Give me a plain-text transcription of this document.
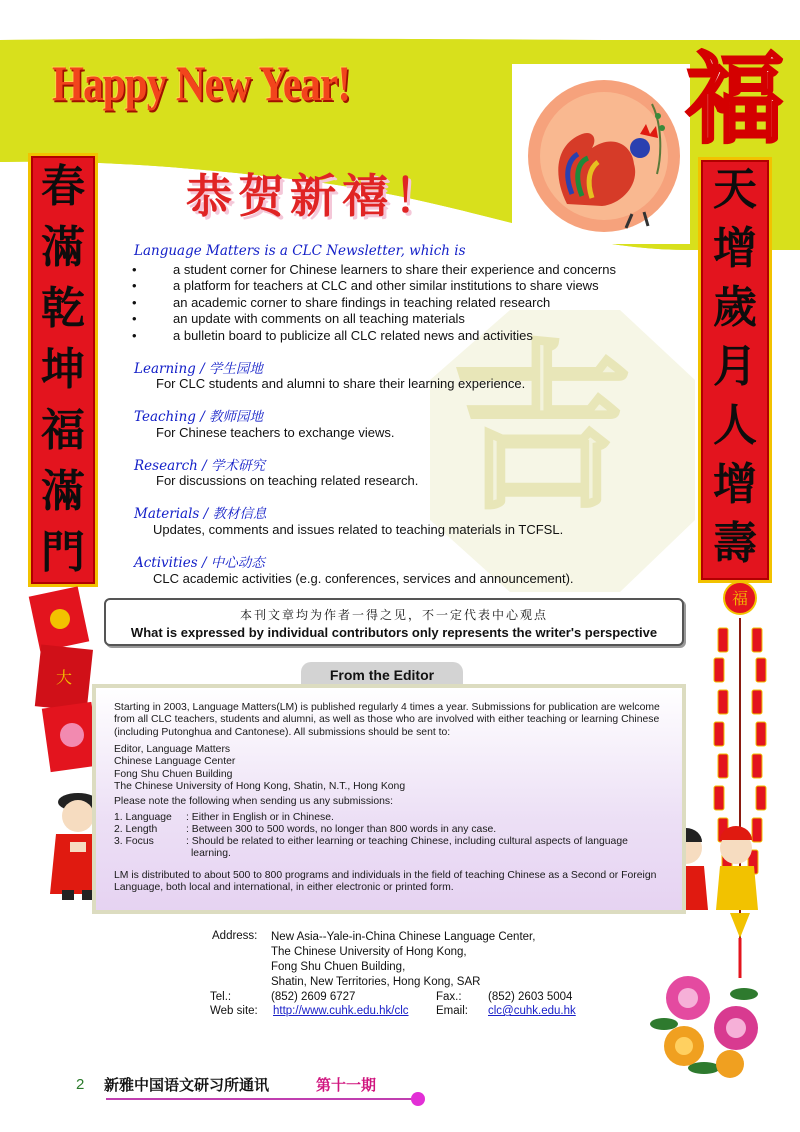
福
Happy New Year!
恭贺新禧！
春
滿
乾
坤
福
滿
門
天
增
歲
月
人
增
壽
吉
Language Matters is a CLC Newsletter, which is
• a student corner for Chinese learners to share their experience and concerns
• a platform for teachers at CLC and other similar institutions to share views
• an academic corner to share findings in teaching related research
• an update with comments on all teaching materials
• a bulletin board to publicize all CLC related news and activities
Learning / 学生园地
For CLC students and alumni to share their learning experience.
Teaching / 教师园地
For Chinese teachers to exchange views.
Research / 学术研究
For discussions on teaching related research.
Materials / 教材信息
Updates, comments and issues related to teaching materials in TCFSL.
Activities / 中心动态
CLC academic activities (e.g. conferences, services and announcement).
福
大
本刊文章均为作者一得之见，不一定代表中心观点
What is expressed by individual contributors only represents the writer's perspective
From the Editor
Starting in 2003, Language Matters(LM) is published regularly 4 times a year. Submissions for publication are welcome from all CLC teachers, students and alumni, as well as those who are involved with either teaching or learning Chinese (including Putonghua and Cantonese). All submissions should be sent to:

Editor, Language Matters

Chinese Language Center

Fong Shu Chuen Building

The Chinese University of Hong Kong, Shatin, N.T., Hong Kong

Please note the following when sending us any submissions:
1. Language	: Either in English or in Chinese.
2. Length	: Between 300 to 500 words, no longer than 800 words in any case.
3. Focus	: Should be related to either learning or teaching Chinese, including cultural aspects of language learning.
LM is distributed to about 500 to 800 programs and individuals in the field of teaching Chinese as a Second or Foreign Language, both local and international, in either electronic or printed form.
Address: New Asia--Yale-in-China Chinese Language Center,
The Chinese University of Hong Kong,
Fong Shu Chuen Building,
Shatin, New Territories, Hong Kong, SAR
Tel.:	(852) 2609 6727	Fax.: (852) 2603 5004
Web site: http://www.cuhk.edu.hk/clc Email: clc@cuhk.edu.hk
2 新雅中国语文研习所通讯	第十一期
